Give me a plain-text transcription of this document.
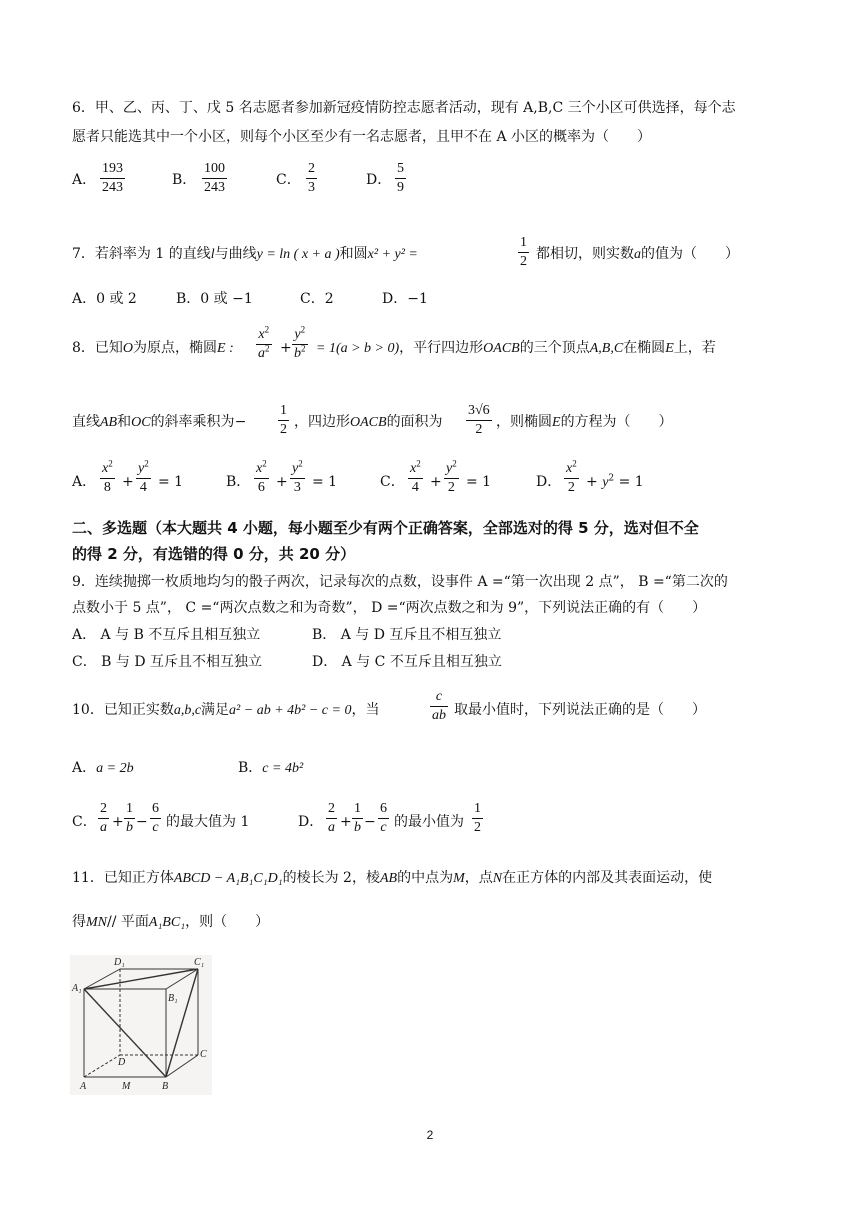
6．甲、乙、丙、丁、戊 5 名志愿者参加新冠疫情防控志愿者活动，现有 A,B,C 三个小区可供选择，每个志
愿者只能选其中一个小区，则每个小区至少有一名志愿者，且甲不在 A 小区的概率为（　　）
A． $\frac{193}{243}$	B． $\frac{100}{243}$	C． $\frac{2}{3}$	D． $\frac{5}{9}$
7．若斜率为 1 的直线l与曲线y = ln ( x + a )和圆x² + y² =	$\frac{1}{2}$ 都相切，则实数a的值为（　　）
A．0 或 2	B．0 或 −1	C．2	D．−1
8．已知O为原点，椭圆E : $\frac{x^2}{a^2} + \frac{y^2}{b^2} = 1(a > b > 0)$，平行四边形OACB的三个顶点A,B,C在椭圆E上，若
直线AB和OC的斜率乘积为− $\frac{1}{2}$ ，四边形OACB的面积为 $\frac{3√6}{2}$ ，则椭圆E的方程为（　　）
A． $\frac{x^2}{8} + \frac{y^2}{4} = 1$	B． $\frac{x^2}{6} + \frac{y^2}{3} = 1$	C． $\frac{x^2}{4} + \frac{y^2}{2} = 1$	D． $\frac{x^2}{2} + y^2 = 1$
二、多选题（本大题共 4 小题，每小题至少有两个正确答案，全部选对的得 5 分，选对但不全
的得 2 分，有选错的得 0 分，共 20 分）
9．连续抛掷一枚质地均匀的骰子两次，记录每次的点数，设事件 A =“第一次出现 2 点”， B =“第二次的
点数小于 5 点”， C =“两次点数之和为奇数”， D =“两次点数之和为 9”，下列说法正确的有（　　）
A． A 与 B 不互斥且相互独立	B． A 与 D 互斥且不相互独立
C． B 与 D 互斥且不相互独立	D． A 与 C 不互斥且相互独立
10．已知正实数a,b,c满足a² − ab + 4b² − c = 0，当	$\frac{c}{ab}$ 取最小值时，下列说法正确的是（　　）
A．a = 2b	B．c = 4b²
C． $\frac{2}{a} + \frac{1}{b} - \frac{6}{c}$ 的最大值为 1	D． $\frac{2}{a} + \frac{1}{b} - \frac{6}{c}$ 的最小值为 $\frac{1}{2}$
11．已知正方体ABCD − A₁B₁C₁D₁的棱长为 2，棱AB的中点为M，点N在正方体的内部及其表面运动，使
得MN// 平面A₁BC₁，则（　　）
D₁	C₁
A₁
B₁
D
C
A	M	B
2
